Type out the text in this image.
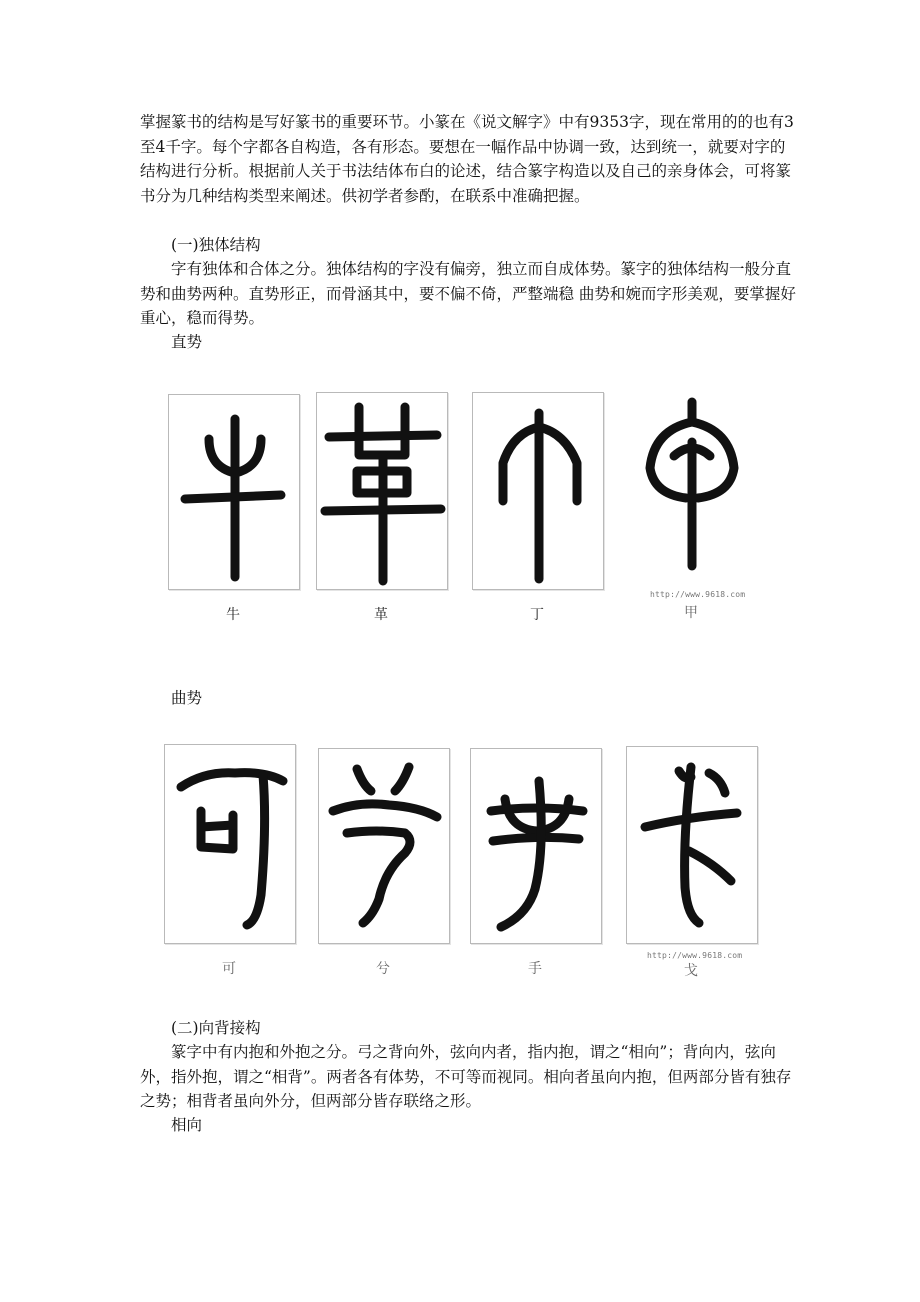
掌握篆书的结构是写好篆书的重要环节。小篆在《说文解字》中有9353字，现在常用的的也有3至4千字。每个字都各自构造，各有形态。要想在一幅作品中协调一致，达到统一，就要对字的结构进行分析。根据前人关于书法结体布白的论述，结合篆字构造以及自己的亲身体会，可将篆书分为几种结构类型来阐述。供初学者参酌，在联系中准确把握。

(一)独体结构

字有独体和合体之分。独体结构的字没有偏旁，独立而自成体势。篆字的独体结构一般分直势和曲势两种。直势形正，而骨涵其中，要不偏不倚，严整端稳 曲势和婉而字形美观，要掌握好重心，稳而得势。

直势

http://www.9618.com
牛	革	丁	甲

曲势

http://www.9618.com
可	兮	手	戈

(二)向背接构

篆字中有内抱和外抱之分。弓之背向外，弦向内者，指内抱，谓之“相向”；背向内，弦向外，指外抱，谓之“相背”。两者各有体势，不可等而视同。相向者虽向内抱，但两部分皆有独存之势；相背者虽向外分，但两部分皆存联络之形。

相向
